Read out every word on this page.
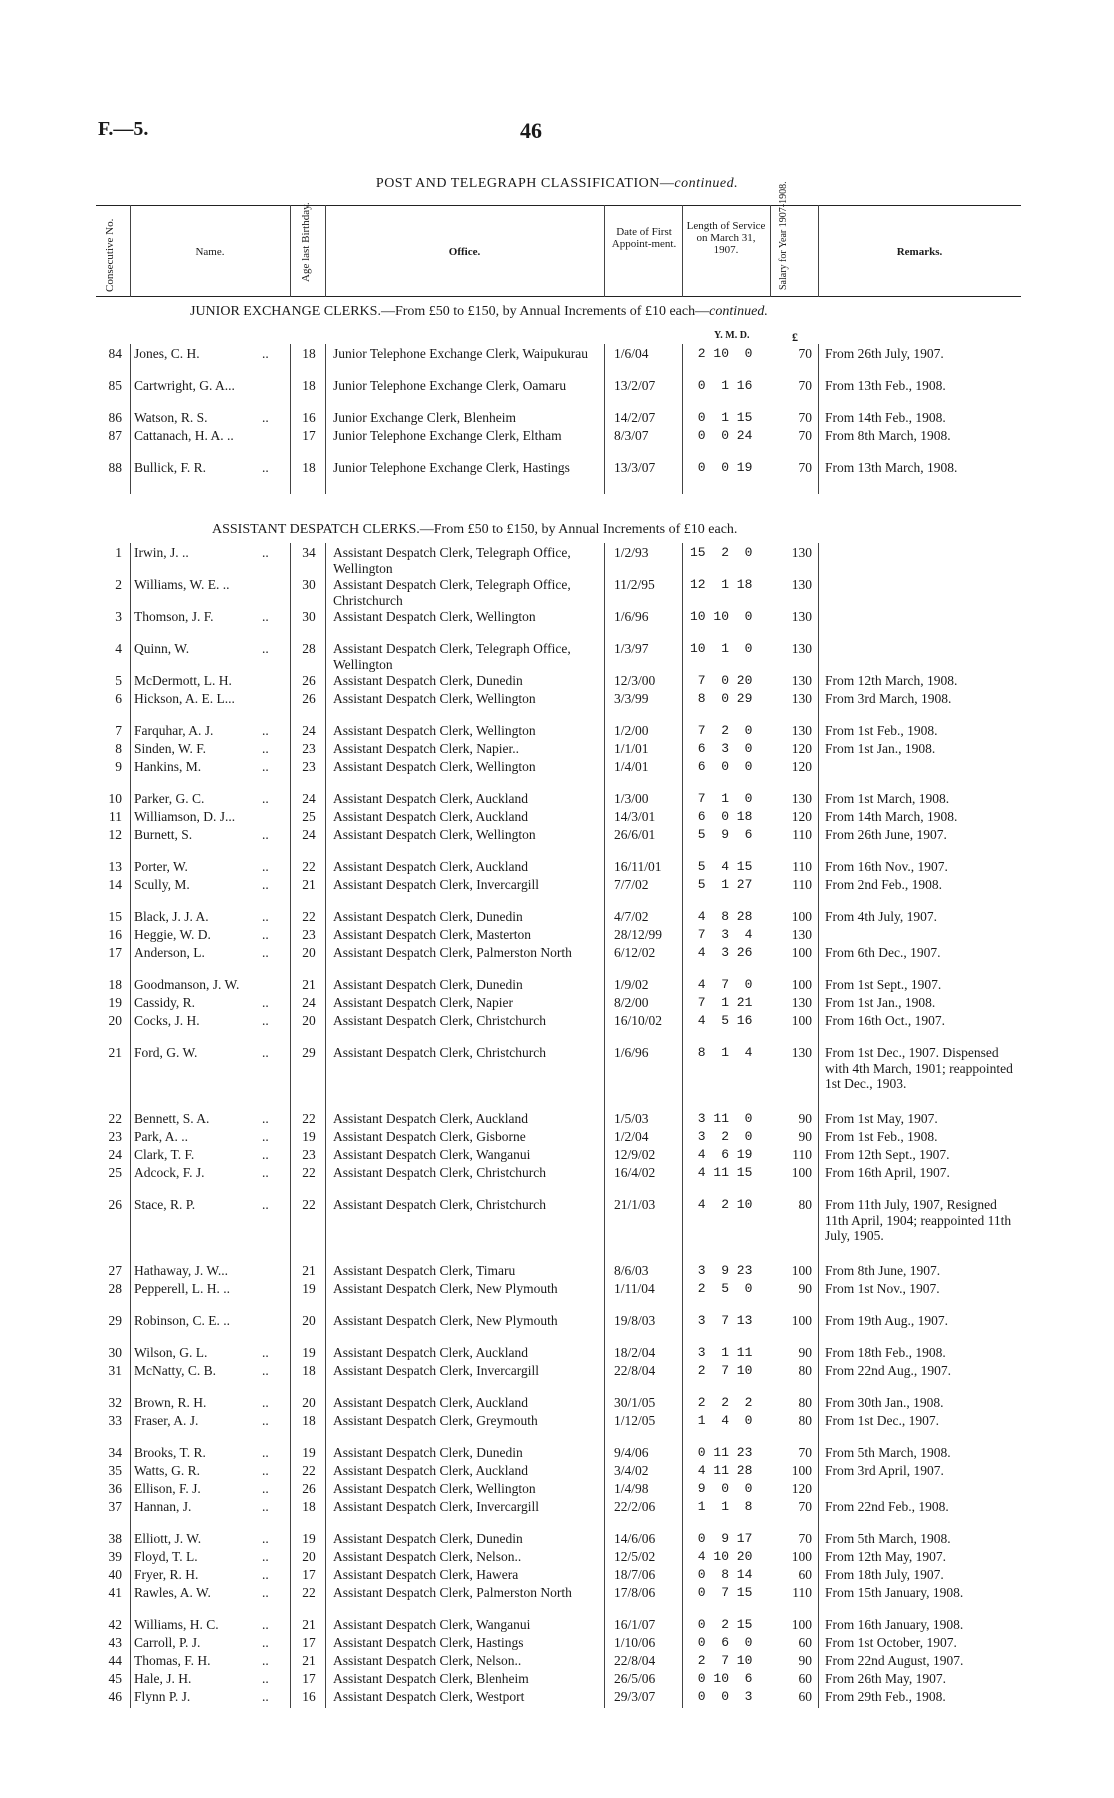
F.—5.	46
POST AND TELEGRAPH CLASSIFICATION—continued.
Consecutive No.	Name.	Age last Birthday.	Office.
Date of First Appoint-ment.
Length of Service on March 31, 1907.	Salary for Year 1907-1908.	Remarks.
JUNIOR EXCHANGE CLERKS.—From £50 to £150, by Annual Increments of £10 each—continued.
Y. M. D.	£
84 Jones, C. H.	..	18	Junior Telephone Exchange Clerk, Waipukurau	1/6/04	2 10  0	70 From 26th July, 1907.
85 Cartwright, G. A...	18	Junior Telephone Exchange Clerk, Oamaru	13/2/07	0  1 16	70 From 13th Feb., 1908.
86 Watson, R. S.	..	16	Junior Exchange Clerk, Blenheim	14/2/07	0  1 15	70 From 14th Feb., 1908.
87 Cattanach, H. A. ..	17	Junior Telephone Exchange Clerk, Eltham	8/3/07	0  0 24	70 From 8th March, 1908.
88 Bullick, F. R.	..	18	Junior Telephone Exchange Clerk, Hastings	13/3/07	0  0 19	70 From 13th March, 1908.
ASSISTANT DESPATCH CLERKS.—From £50 to £150, by Annual Increments of £10 each.
1 Irwin, J. ..	..	34	Assistant Despatch Clerk, Telegraph Office, Wellington
1/2/93	15  2  0	130
2 Williams, W. E. ..	30	Assistant Despatch Clerk, Telegraph Office, Christchurch
11/2/95	12  1 18	130
3 Thomson, J. F.	..	30	Assistant Despatch Clerk, Wellington	1/6/96	10 10  0	130
4 Quinn, W.	..	28	Assistant Despatch Clerk, Telegraph Office, Wellington
1/3/97	10  1  0	130
5 McDermott, L. H.	26	Assistant Despatch Clerk, Dunedin	12/3/00	7  0 20	130 From 12th March, 1908.
6 Hickson, A. E. L...	26	Assistant Despatch Clerk, Wellington	3/3/99	8  0 29	130 From 3rd March, 1908.
7 Farquhar, A. J.	..	24	Assistant Despatch Clerk, Wellington	1/2/00	7  2  0	130 From 1st Feb., 1908.
8 Sinden, W. F.	..	23	Assistant Despatch Clerk, Napier..	1/1/01	6  3  0	120 From 1st Jan., 1908.
9 Hankins, M.	..	23	Assistant Despatch Clerk, Wellington	1/4/01	6  0  0	120
10 Parker, G. C.	..	24	Assistant Despatch Clerk, Auckland	1/3/00	7  1  0	130 From 1st March, 1908.
11 Williamson, D. J...	25	Assistant Despatch Clerk, Auckland	14/3/01	6  0 18	120 From 14th March, 1908.
12 Burnett, S.	..	24	Assistant Despatch Clerk, Wellington	26/6/01	5  9  6	110 From 26th June, 1907.
13 Porter, W.	..	22	Assistant Despatch Clerk, Auckland	16/11/01 5  4 15	110 From 16th Nov., 1907.
14 Scully, M.	..	21	Assistant Despatch Clerk, Invercargill	7/7/02	5  1 27	110 From 2nd Feb., 1908.
15 Black, J. J. A.	..	22	Assistant Despatch Clerk, Dunedin	4/7/02	4  8 28	100 From 4th July, 1907.
16 Heggie, W. D.	..	23	Assistant Despatch Clerk, Masterton	28/12/99 7  3  4	130
17 Anderson, L.	..	20	Assistant Despatch Clerk, Palmerston North	6/12/02	4  3 26	100 From 6th Dec., 1907.
18 Goodmanson, J. W.	21	Assistant Despatch Clerk, Dunedin	1/9/02	4  7  0	100 From 1st Sept., 1907.
19 Cassidy, R.	..	24	Assistant Despatch Clerk, Napier	8/2/00	7  1 21	130 From 1st Jan., 1908.
20 Cocks, J. H.	..	20	Assistant Despatch Clerk, Christchurch	16/10/02 4  5 16	100 From 16th Oct., 1907.
21 Ford, G. W.	..	29	Assistant Despatch Clerk, Christchurch	1/6/96	8  1  4	130 From 1st Dec., 1907. Dispensed with 4th March, 1901; reappointed 1st Dec., 1903.
22 Bennett, S. A.	..	22	Assistant Despatch Clerk, Auckland	1/5/03	3 11  0	90 From 1st May, 1907.
23 Park, A. ..	..	19	Assistant Despatch Clerk, Gisborne	1/2/04	3  2  0	90 From 1st Feb., 1908.
24 Clark, T. F.	..	23	Assistant Despatch Clerk, Wanganui	12/9/02	4  6 19	110 From 12th Sept., 1907.
25 Adcock, F. J.	..	22	Assistant Despatch Clerk, Christchurch	16/4/02	4 11 15	100 From 16th April, 1907.
26 Stace, R. P.	..	22	Assistant Despatch Clerk, Christchurch	21/1/03	4  2 10	80 From 11th July, 1907, Resigned 11th April, 1904; reappointed 11th July, 1905.
27 Hathaway, J. W...	21	Assistant Despatch Clerk, Timaru	8/6/03	3  9 23	100 From 8th June, 1907.
28 Pepperell, L. H. ..	19	Assistant Despatch Clerk, New Plymouth	1/11/04	2  5  0	90 From 1st Nov., 1907.
29 Robinson, C. E. ..	20	Assistant Despatch Clerk, New Plymouth	19/8/03	3  7 13	100 From 19th Aug., 1907.
30 Wilson, G. L.	..	19	Assistant Despatch Clerk, Auckland	18/2/04	3  1 11	90 From 18th Feb., 1908.
31 McNatty, C. B.	..	18	Assistant Despatch Clerk, Invercargill	22/8/04	2  7 10	80 From 22nd Aug., 1907.
32 Brown, R. H.	..	20	Assistant Despatch Clerk, Auckland	30/1/05	2  2  2	80 From 30th Jan., 1908.
33 Fraser, A. J.	..	18	Assistant Despatch Clerk, Greymouth	1/12/05	1  4  0	80 From 1st Dec., 1907.
34 Brooks, T. R.	..	19	Assistant Despatch Clerk, Dunedin	9/4/06	0 11 23	70 From 5th March, 1908.
35 Watts, G. R.	..	22	Assistant Despatch Clerk, Auckland	3/4/02	4 11 28	100 From 3rd April, 1907.
36 Ellison, F. J.	..	26	Assistant Despatch Clerk, Wellington	1/4/98	9  0  0	120
37 Hannan, J.	..	18	Assistant Despatch Clerk, Invercargill	22/2/06	1  1  8	70 From 22nd Feb., 1908.
38 Elliott, J. W.	..	19	Assistant Despatch Clerk, Dunedin	14/6/06	0  9 17	70 From 5th March, 1908.
39 Floyd, T. L.	..	20	Assistant Despatch Clerk, Nelson..	12/5/02	4 10 20	100 From 12th May, 1907.
40 Fryer, R. H.	..	17	Assistant Despatch Clerk, Hawera	18/7/06	0  8 14	60 From 18th July, 1907.
41 Rawles, A. W.	..	22	Assistant Despatch Clerk, Palmerston North	17/8/06	0  7 15	110 From 15th January, 1908.
42 Williams, H. C.	..	21	Assistant Despatch Clerk, Wanganui	16/1/07	0  2 15	100 From 16th January, 1908.
43 Carroll, P. J.	..	17	Assistant Despatch Clerk, Hastings	1/10/06	0  6  0	60 From 1st October, 1907.
44 Thomas, F. H.	..	21	Assistant Despatch Clerk, Nelson..	22/8/04	2  7 10	90 From 22nd August, 1907.
45 Hale, J. H.	..	17	Assistant Despatch Clerk, Blenheim	26/5/06	0 10  6	60 From 26th May, 1907.
46 Flynn P. J.	..	16	Assistant Despatch Clerk, Westport	29/3/07	0  0  3	60 From 29th Feb., 1908.
